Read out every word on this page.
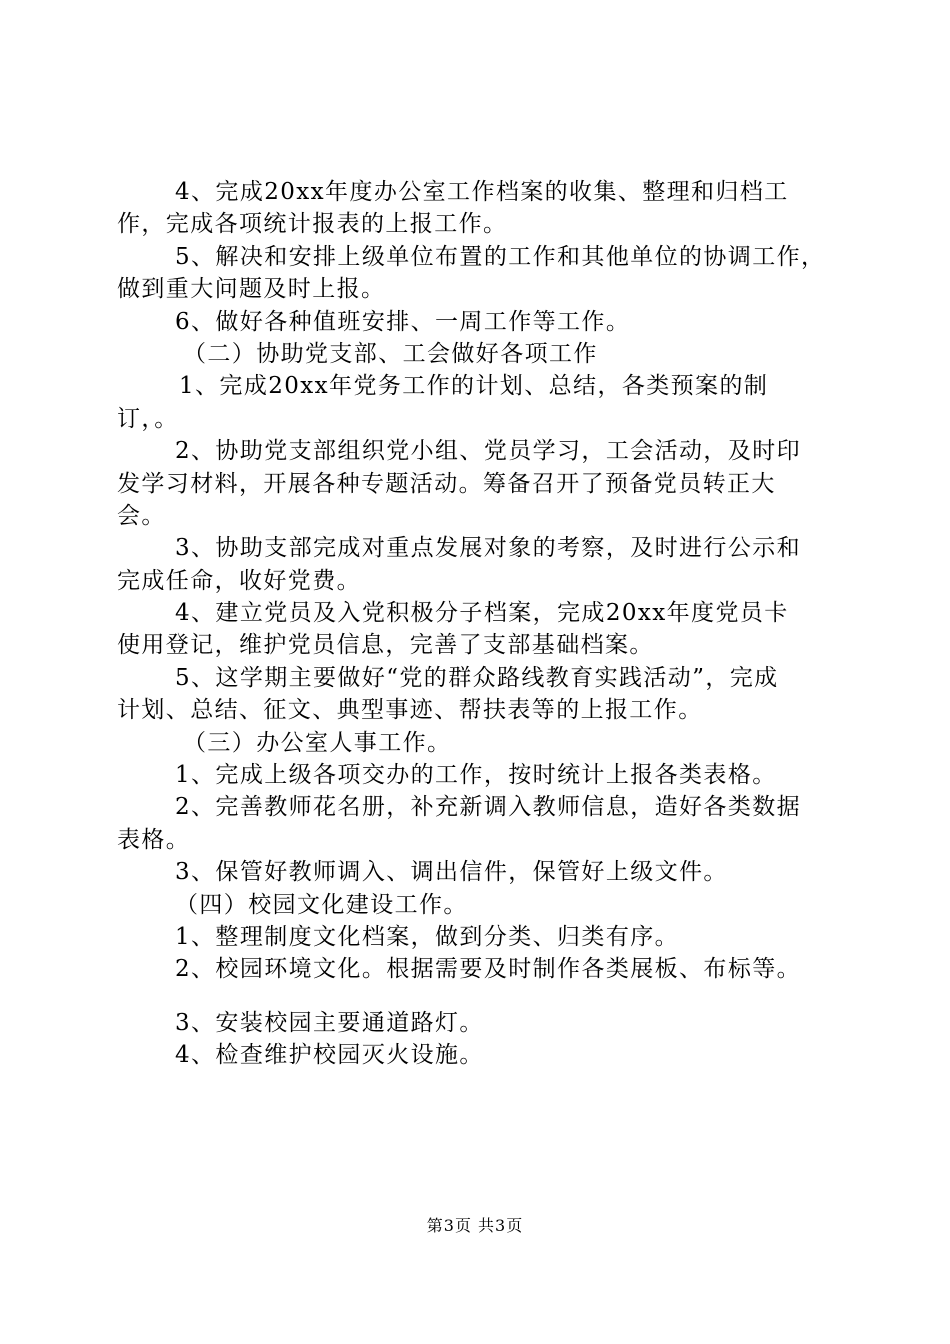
4、完成20xx年度办公室工作档案的收集、整理和归档工
作，完成各项统计报表的上报工作。
5、解决和安排上级单位布置的工作和其他单位的协调工作，
做到重大问题及时上报。
6、做好各种值班安排、一周工作等工作。
（二）协助党支部、工会做好各项工作
1、完成20xx年党务工作的计划、总结，各类预案的制
订，。
2、协助党支部组织党小组、党员学习，工会活动，及时印
发学习材料，开展各种专题活动。筹备召开了预备党员转正大
会。
3、协助支部完成对重点发展对象的考察，及时进行公示和
完成任命，收好党费。
4、建立党员及入党积极分子档案，完成20xx年度党员卡
使用登记，维护党员信息，完善了支部基础档案。
5、这学期主要做好“党的群众路线教育实践活动”，完成
计划、总结、征文、典型事迹、帮扶表等的上报工作。
（三）办公室人事工作。
1、完成上级各项交办的工作，按时统计上报各类表格。
2、完善教师花名册，补充新调入教师信息，造好各类数据
表格。
3、保管好教师调入、调出信件，保管好上级文件。
（四）校园文化建设工作。
1、整理制度文化档案，做到分类、归类有序。
2、校园环境文化。根据需要及时制作各类展板、布标等。
3、安装校园主要通道路灯。
4、检查维护校园灭火设施。
第3页 共3页
